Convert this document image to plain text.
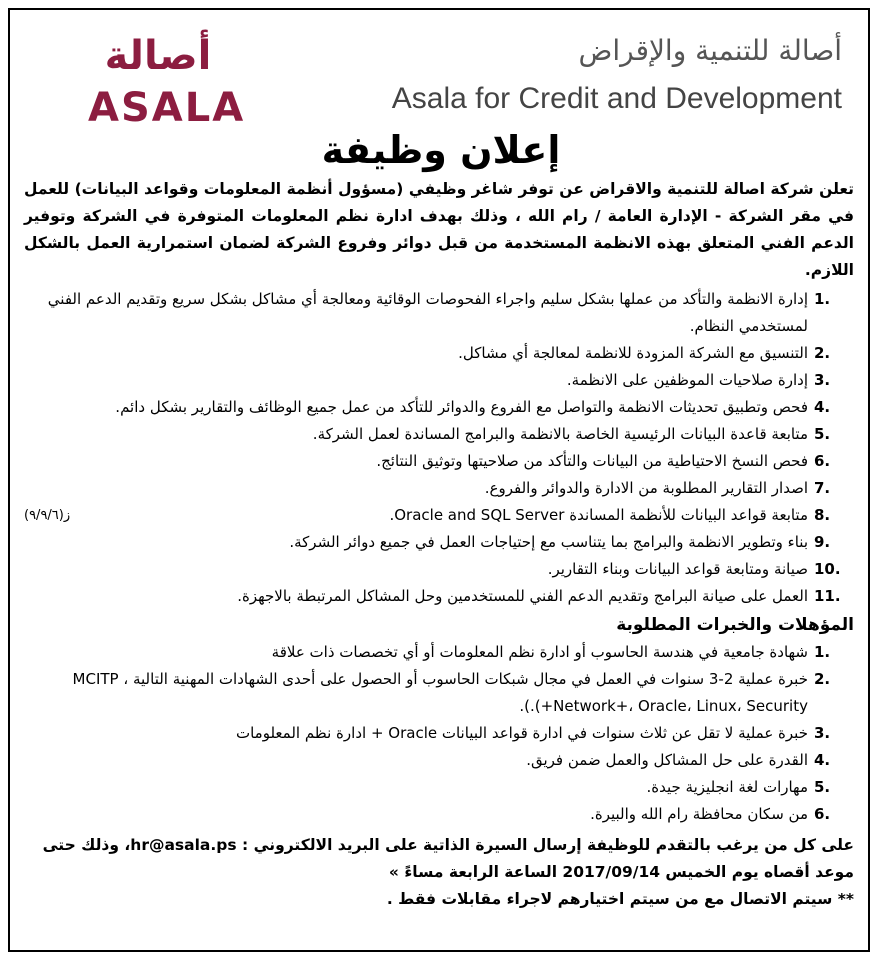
أصالة
ASALA
أصالة للتنمية والإقراض
Asala for Credit and Development
إعلان وظيفة

تعلن شركة اصالة للتنمية والاقراض عن توفر شاغر وظيفي (مسؤول أنظمة المعلومات وقواعد البيانات) للعمل في مقر الشركة - الإدارة العامة / رام الله ، وذلك بهدف ادارة نظم المعلومات المتوفرة في الشركة وتوفير الدعم الفني المتعلق بهذه الانظمة المستخدمة من قبل دوائر وفروع الشركة لضمان استمرارية العمل بالشكل اللازم.

1.
إدارة الانظمة والتأكد من عملها بشكل سليم واجراء الفحوصات الوقائية ومعالجة أي مشاكل بشكل سريع وتقديم الدعم الفني لمستخدمي النظام.
2.
التنسيق مع الشركة المزودة للانظمة لمعالجة أي مشاكل.
3.
إدارة صلاحيات الموظفين على الانظمة.
4.
فحص وتطبيق تحديثات الانظمة والتواصل مع الفروع والدوائر للتأكد من عمل جميع الوظائف والتقارير بشكل دائم.
5.
متابعة قاعدة البيانات الرئيسية الخاصة بالانظمة والبرامج المساندة لعمل الشركة.
6.
فحص النسخ الاحتياطية من البيانات والتأكد من صلاحيتها وتوثيق النتائج.
7.
اصدار التقارير المطلوبة من الادارة والدوائر والفروع.
8.
متابعة قواعد البيانات للأنظمة المساندة Oracle and SQL Server.
(٩/٩/٦)ز
9.
بناء وتطوير الانظمة والبرامج بما يتناسب مع إحتياجات العمل في جميع دوائر الشركة.
10.
صيانة ومتابعة قواعد البيانات وبناء التقارير.
11.
العمل على صيانة البرامج وتقديم الدعم الفني للمستخدمين وحل المشاكل المرتبطة بالاجهزة.
المؤهلات والخبرات المطلوبة
1.
شهادة جامعية في هندسة الحاسوب أو ادارة نظم المعلومات أو أي تخصصات ذات علاقة
2.
خبرة عملية 2-3 سنوات في العمل في مجال شبكات الحاسوب أو الحصول على أحدى الشهادات المهنية التالية MCITP ، Network+، Oracle، Linux، Security+).).
3.
خبرة عملية لا تقل عن ثلاث سنوات في ادارة قواعد البيانات Oracle + ادارة نظم المعلومات
4.
القدرة على حل المشاكل والعمل ضمن فريق.
5.
مهارات لغة انجليزية جيدة.
6.
من سكان محافظة رام الله والبيرة.
على كل من يرغب بالتقدم للوظيفة إرسال السيرة الذاتية على البريد الالكتروني : hr@asala.ps، وذلك حتى موعد أقصاه يوم الخميس 2017/09/14 الساعة الرابعة مساءً »
** سيتم الاتصال مع من سيتم اختيارهم لاجراء مقابلات فقط .
